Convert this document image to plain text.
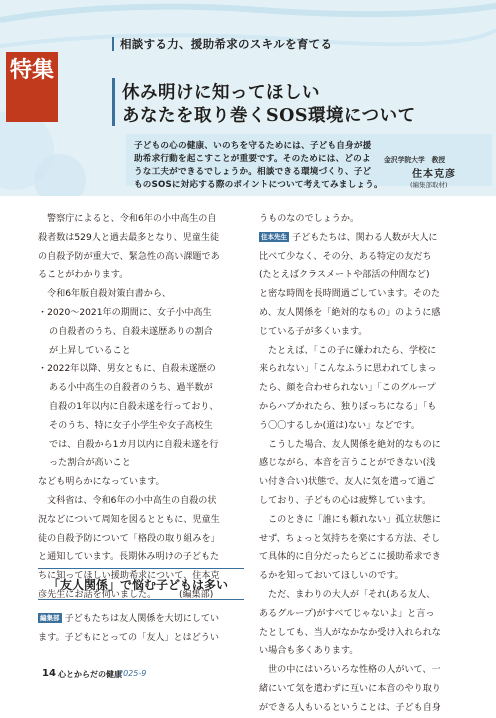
特集
相談する力、援助希求のスキルを育てる
休み明けに知ってほしい
あなたを取り巻くSOS環境について
子どもの心の健康、いのちを守るためには、子ども自身が援
助希求行動を起こすことが重要です。そのためには、どのよ
うな工夫ができるでしょうか。相談できる環境づくり、子ど
ものSOSに対応する際のポイントについて考えてみましょう。
金沢学院大学　教授
住本克彦
(編集部取材)
警察庁によると、令和6年の小中高生の自
殺者数は529人と過去最多となり、児童生徒
の自殺予防が重大で、緊急性の高い課題であ
ることがわかります。
令和6年版自殺対策白書から、
・2020～2021年の期間に、女子小中高生
の自殺者のうち、自殺未遂歴ありの割合
が上昇していること
・2022年以降、男女ともに、自殺未遂歴の
ある小中高生の自殺者のうち、過半数が
自殺の1年以内に自殺未遂を行っており、
そのうち、特に女子小学生や女子高校生
では、自殺から1カ月以内に自殺未遂を行
った割合が高いこと
なども明らかになっています。
文科省は、令和6年の小中高生の自殺の状
況などについて周知を図るとともに、児童生
徒の自殺予防について「格段の取り組みを」
と通知しています。長期休み明けの子どもた
ちに知ってほしい援助希求について、住本克
彦先生にお話を伺いました。　　　(編集部)
「友人関係」で悩む子どもは多い
編集部 子どもたちは友人関係を大切にしてい
ます。子どもにとっての「友人」とはどうい
うものなのでしょうか。
住本先生 子どもたちは、関わる人数が大人に
比べて少なく、その分、ある特定の友だち
(たとえばクラスメートや部活の仲間など)
と密な時間を長時間過ごしています。そのた
め、友人関係を「絶対的なもの」のように感
じている子が多くいます。
たとえば、「この子に嫌われたら、学校に
来られない」「こんなふうに思われてしまっ
たら、顔を合わせられない」「このグループ
からハブかれたら、独りぼっちになる」「も
う〇〇するしか(道は)ない」などです。
こうした場合、友人関係を絶対的なものに
感じながら、本音を言うことができない(浅
い付き合い)状態で、友人に気を遣って過ご
しており、子どもの心は疲弊しています。
このときに「誰にも頼れない」孤立状態に
せず、ちょっと気持ちを楽にする方法、そし
て具体的に自分だったらどこに援助希求でき
るかを知っておいてほしいのです。
ただ、まわりの大人が「それ(ある友人、
あるグループ)がすべてじゃないよ」と言っ
たとしても、当人がなかなか受け入れられな
い場合も多くあります。
世の中にはいろいろな性格の人がいて、一
緒にいて気を遣わずに互いに本音のやり取り
ができる人もいるということは、子ども自身
14 心とからだの健康
2025-9
